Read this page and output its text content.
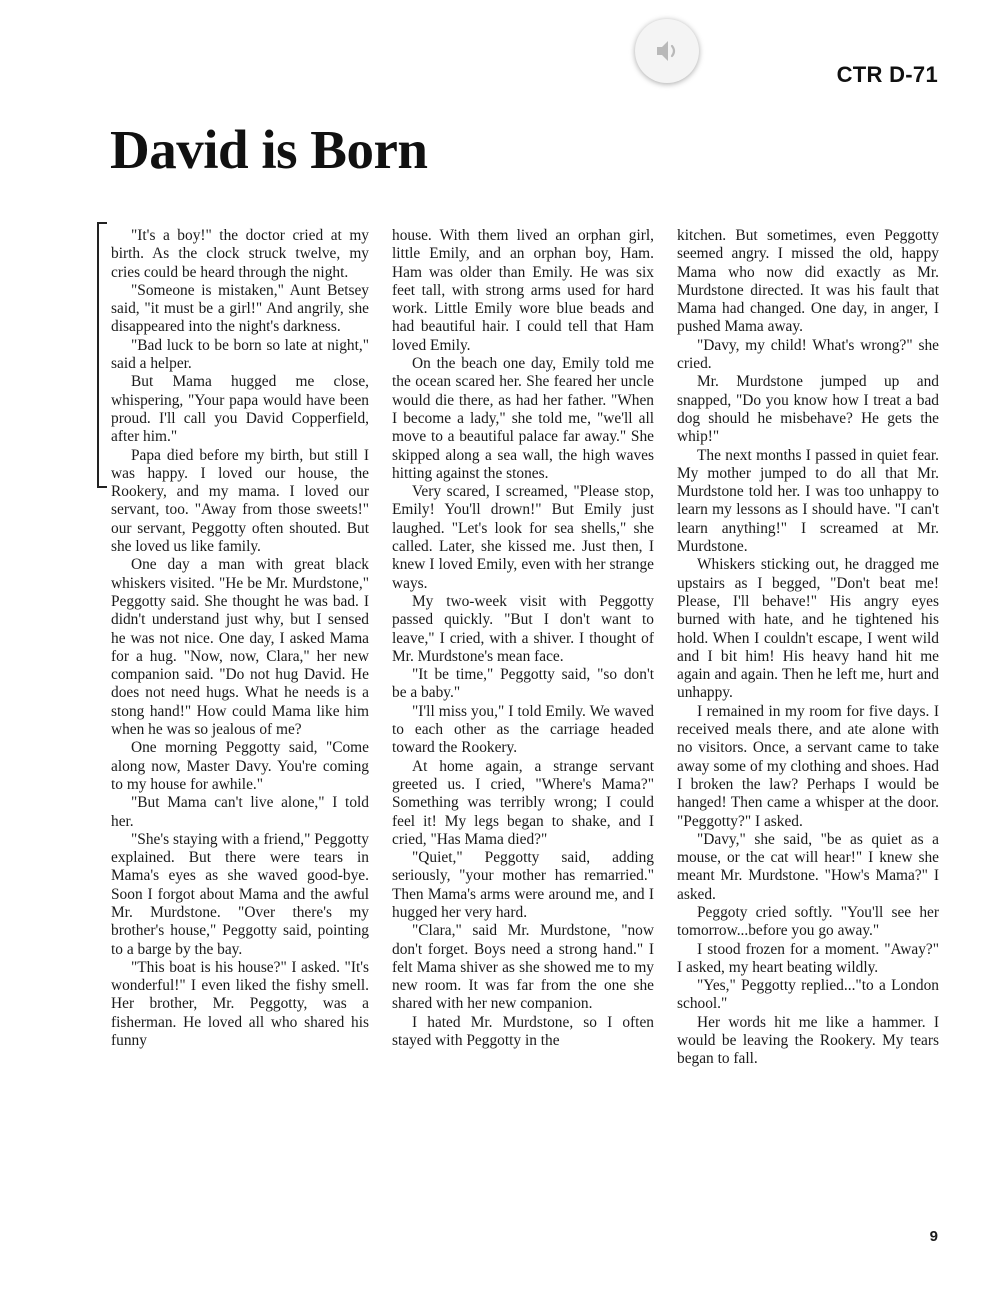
CTR D-71
David is Born

"It's a boy!" the doctor cried at my birth. As the clock struck twelve, my cries could be heard through the night.

"Someone is mistaken," Aunt Betsey said, "it must be a girl!" And angrily, she disappeared into the night's darkness.

"Bad luck to be born so late at night," said a helper.

But Mama hugged me close, whispering, "Your papa would have been proud. I'll call you David Copperfield, after him."

Papa died before my birth, but still I was happy. I loved our house, the Rookery, and my mama. I loved our servant, too. "Away from those sweets!" our servant, Peggotty often shouted. But she loved us like family.

One day a man with great black whiskers visited. "He be Mr. Murdstone," Peggotty said. She thought he was bad. I didn't understand just why, but I sensed he was not nice. One day, I asked Mama for a hug. "Now, now, Clara," her new companion said. "Do not hug David. He does not need hugs. What he needs is a stong hand!" How could Mama like him when he was so jealous of me?

One morning Peggotty said, "Come along now, Master Davy. You're coming to my house for awhile."

"But Mama can't live alone," I told her.

"She's staying with a friend," Peggotty explained. But there were tears in Mama's eyes as she waved good-bye. Soon I forgot about Mama and the awful Mr. Murdstone. "Over there's my brother's house," Peggotty said, pointing to a barge by the bay.

"This boat is his house?" I asked. "It's wonderful!" I even liked the fishy smell. Her brother, Mr. Peggotty, was a fisherman. He loved all who shared his funny

house. With them lived an orphan girl, little Emily, and an orphan boy, Ham. Ham was older than Emily. He was six feet tall, with strong arms used for hard work. Little Emily wore blue beads and had beautiful hair. I could tell that Ham loved Emily.

On the beach one day, Emily told me the ocean scared her. She feared her uncle would die there, as had her father. "When I become a lady," she told me, "we'll all move to a beautiful palace far away." She skipped along a sea wall, the high waves hitting against the stones.

Very scared, I screamed, "Please stop, Emily! You'll drown!" But Emily just laughed. "Let's look for sea shells," she called. Later, she kissed me. Just then, I knew I loved Emily, even with her strange ways.

My two-week visit with Peggotty passed quickly. "But I don't want to leave," I cried, with a shiver. I thought of Mr. Murdstone's mean face.

"It be time," Peggotty said, "so don't be a baby."

"I'll miss you," I told Emily. We waved to each other as the carriage headed toward the Rookery.

At home again, a strange servant greeted us. I cried, "Where's Mama?" Something was terribly wrong; I could feel it! My legs began to shake, and I cried, "Has Mama died?"

"Quiet," Peggotty said, adding seriously, "your mother has remarried." Then Mama's arms were around me, and I hugged her very hard.

"Clara," said Mr. Murdstone, "now don't forget. Boys need a strong hand." I felt Mama shiver as she showed me to my new room. It was far from the one she shared with her new companion.

I hated Mr. Murdstone, so I often stayed with Peggotty in the

kitchen. But sometimes, even Peggotty seemed angry. I missed the old, happy Mama who now did exactly as Mr. Murdstone directed. It was his fault that Mama had changed. One day, in anger, I pushed Mama away.

"Davy, my child! What's wrong?" she cried.

Mr. Murdstone jumped up and snapped, "Do you know how I treat a bad dog should he misbehave? He gets the whip!"

The next months I passed in quiet fear. My mother jumped to do all that Mr. Murdstone told her. I was too unhappy to learn my lessons as I should have. "I can't learn anything!" I screamed at Mr. Murdstone.

Whiskers sticking out, he dragged me upstairs as I begged, "Don't beat me! Please, I'll behave!" His angry eyes burned with hate, and he tightened his hold. When I couldn't escape, I went wild and I bit him! His heavy hand hit me again and again. Then he left me, hurt and unhappy.

I remained in my room for five days. I received meals there, and ate alone with no visitors. Once, a servant came to take away some of my clothing and shoes. Had I broken the law? Perhaps I would be hanged! Then came a whisper at the door. "Peggotty?" I asked.

"Davy," she said, "be as quiet as a mouse, or the cat will hear!" I knew she meant Mr. Murdstone. "How's Mama?" I asked.

Peggoty cried softly. "You'll see her tomorrow...before you go away."

I stood frozen for a moment. "Away?" I asked, my heart beating wildly.

"Yes," Peggotty replied..."to a London school."

Her words hit me like a hammer. I would be leaving the Rookery. My tears began to fall.

9
